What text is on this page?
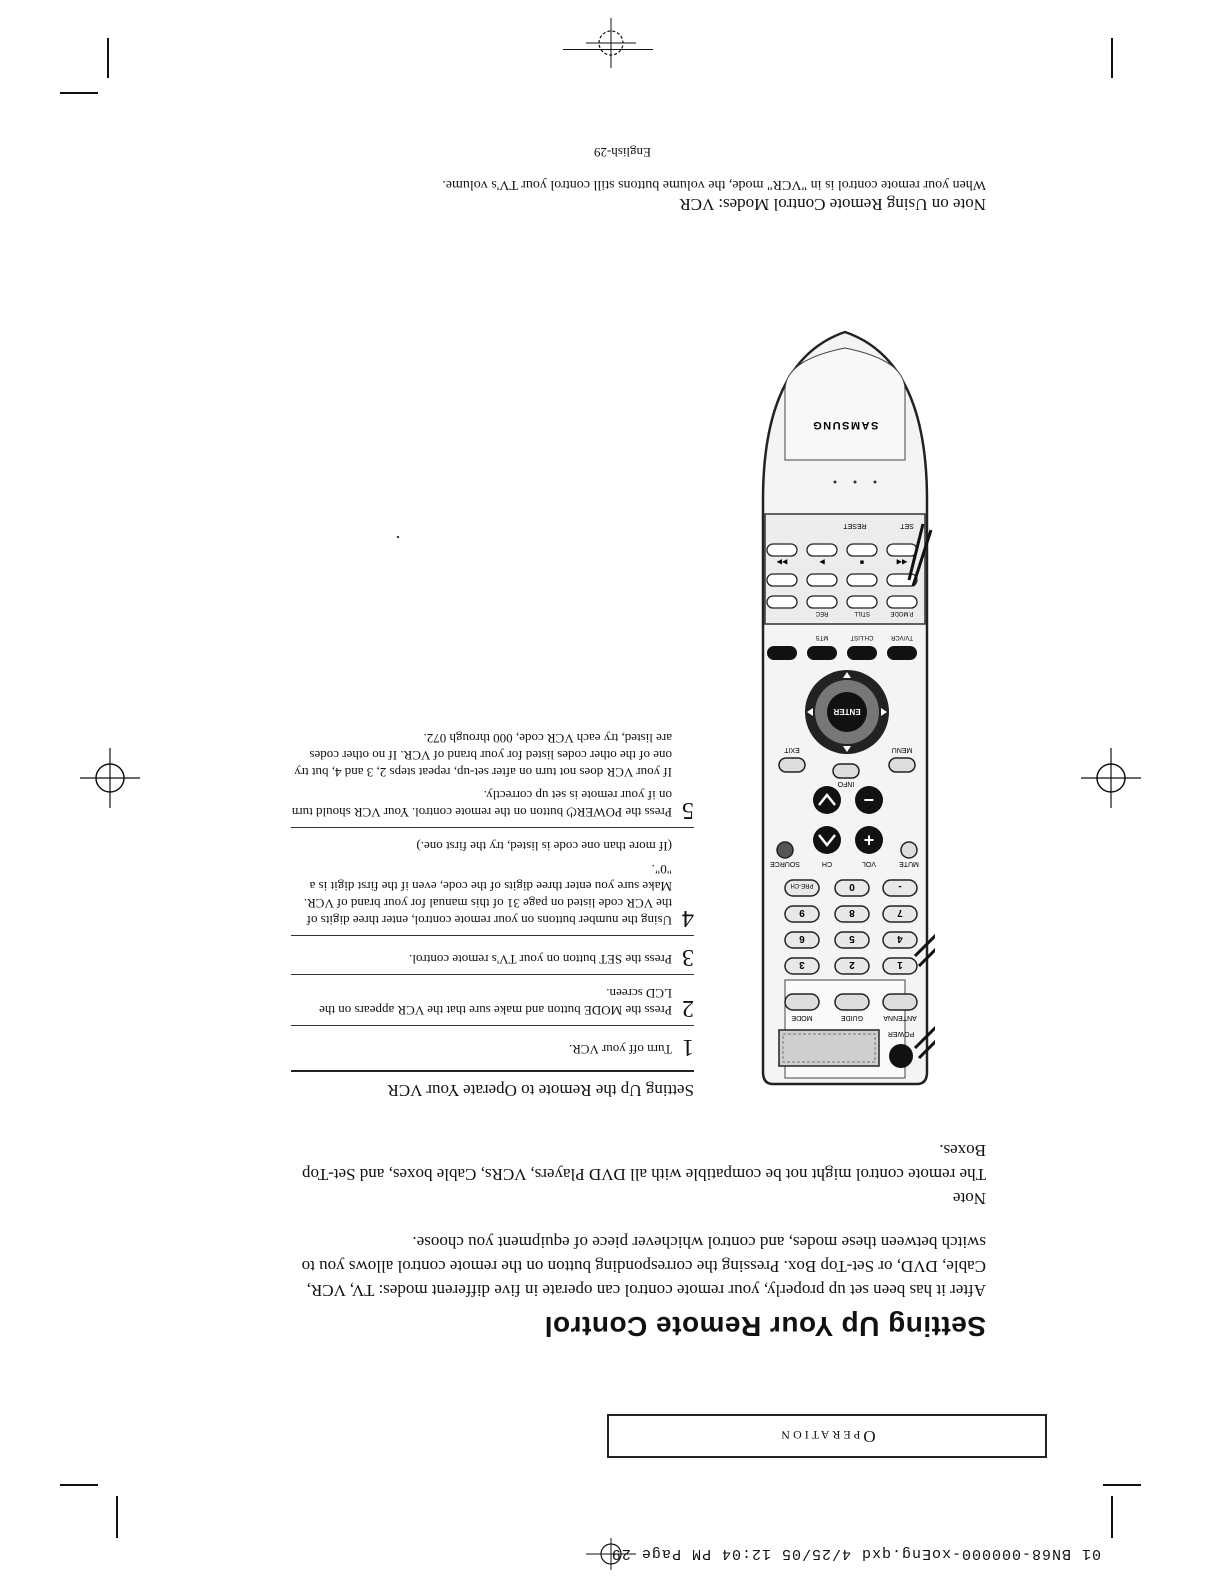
01 BN68-000000-xoEng.qxd 4/25/05 12:04 PM Page 29
Operation
Setting Up Your Remote Control
After it has been set up properly, your remote control can operate in five different modes: TV, VCR, Cable, DVD, or Set-Top Box. Pressing the corresponding button on the remote control allows you to switch between these modes, and control whichever piece of equipment you choose.
Note
The remote control might not be compatible with all DVD Players, VCRs, Cable boxes, and Set-Top Boxes.
Setting Up the Remote to Operate Your VCR
1

Turn off your VCR.

2

Press the MODE button and make sure that the VCR appears on the LCD screen.

3

Press the SET button on your TV's remote control.

4

Using the number buttons on your remote control, enter three digits of the VCR code listed on page 31 of this manual for your brand of VCR. Make sure you enter three digits of the code, even if the first digit is a "0".

(If more than one code is listed, try the first one.)

5

Press the POWER⏻ button on the remote control. Your VCR should turn on if your remote is set up correctly.

If your VCR does not turn on after set-up, repeat steps 2, 3 and 4, but try one of the other codes listed for your brand of VCR. If no other codes are listed, try each VCR code, 000 through 072.

POWER
ANTENNA
GUIDE
MODE
1
2
3
4
5
6
7
8
9
-
0
PRE-CH
MUTE
VOL
+
−
CH
SOURCE
MENU
EXIT
INFO
ENTER
TV/VCR
CH.LIST
MTS
P.MODE
STILL
REC
◀◀
■
▶
▶▶
SET
RESET
SAMSUNG
Note on Using Remote Control Modes: VCR
When your remote control is in "VCR" mode, the volume buttons still control your TV's volume.
English-29
